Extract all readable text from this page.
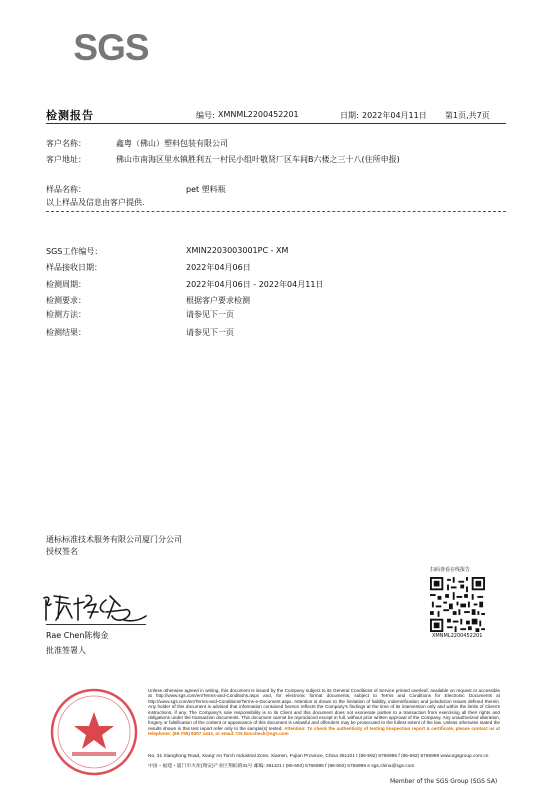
SGS
检测报告	编号: XMNML2200452201	日期: 2022年04月11日 第1页,共7页
客户名称：	鑫粤（佛山）塑料包装有限公司
客户地址：	佛山市南海区里水镇胜利五一村民小组叶敬贤厂区车间B六楼之三十八(住所申报)
样品名称：	pet 塑料瓶
以上样品及信息由客户提供.
SGS工作编号：	XMIN2203003001PC - XM
样品接收日期：	2022年04月06日
检测周期：	2022年04月06日 - 2022年04月11日
检测要求：	根据客户要求检测
检测方法：	请参见下一页
检测结果：	请参见下一页
通标标准技术服务有限公司厦门分公司
授权签名
Rae Chen陈梅金
批准签署人
扫码查看在线报告
XMNML2200452201
Unless otherwise agreed in writing, this document is issued by the Company subject to its General Conditions of Service printed overleaf, available on request or accessible at http://www.sgs.com/en/Terms-and-Conditions.aspx and, for electronic format documents, subject to Terms and Conditions for Electronic Documents at http://www.sgs.com/en/Terms-and-Conditions/Terms-e-Document.aspx. Attention is drawn to the limitation of liability, indemnification and jurisdiction issues defined therein. Any holder of this document is advised that information contained hereon reflects the Company's findings at the time of its intervention only and within the limits of Client's instructions, if any. The Company's sole responsibility is to its Client and this document does not exonerate parties to a transaction from exercising all their rights and obligations under the transaction documents. This document cannot be reproduced except in full, without prior written approval of the Company. Any unauthorized alteration, forgery or falsification of the content or appearance of this document is unlawful and offenders may be prosecuted to the fullest extent of the law. Unless otherwise stated the results shown in this test report refer only to the sample(s) tested. Attention: To check the authenticity of testing /inspection report & certificate, please contact us at telephone: (86-755) 8307 1443, or email: CN.Doccheck@sgs.com
No. 31 Xianghong Road, Xiang' An Torch Industrial Zone, Xiamen, Fujian Province, China 361101 t (86-592) 5766995 f (86-592) 5766999 www.sgsgroup.com.cn
中国・福建・厦门市火炬(翔安)产业区翔虹路31号 邮编: 361101 t (86-592) 5766995 f (86-592) 5766999 e sgs.china@sgs.com
Member of the SGS Group (SGS SA)
